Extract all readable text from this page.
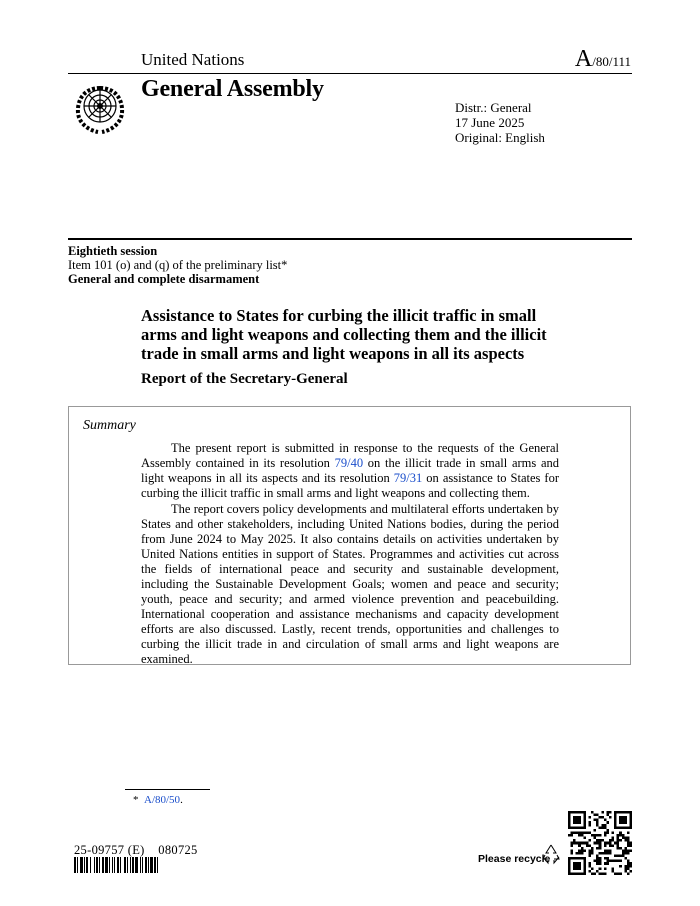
United Nations	A/80/111
General Assembly
Distr.: General
17 June 2025
Original: English
Eightieth session
Item 101 (o) and (q) of the preliminary list*
General and complete disarmament
Assistance to States for curbing the illicit traffic in small arms and light weapons and collecting them and the illicit trade in small arms and light weapons in all its aspects
Report of the Secretary-General
Summary
The present report is submitted in response to the requests of the General Assembly contained in its resolution 79/40 on the illicit trade in small arms and light weapons in all its aspects and its resolution 79/31 on assistance to States for curbing the illicit traffic in small arms and light weapons and collecting them.
The report covers policy developments and multilateral efforts undertaken by States and other stakeholders, including United Nations bodies, during the period from June 2024 to May 2025. It also contains details on activities undertaken by United Nations entities in support of States. Programmes and activities cut across the fields of international peace and security and sustainable development, including the Sustainable Development Goals; women and peace and security; youth, peace and security; and armed violence prevention and peacebuilding. International cooperation and assistance mechanisms and capacity development efforts are also discussed. Lastly, recent trends, opportunities and challenges to curbing the illicit trade in and circulation of small arms and light weapons are examined.
* A/80/50.
25-09757 (E)    080725
Please recycle
